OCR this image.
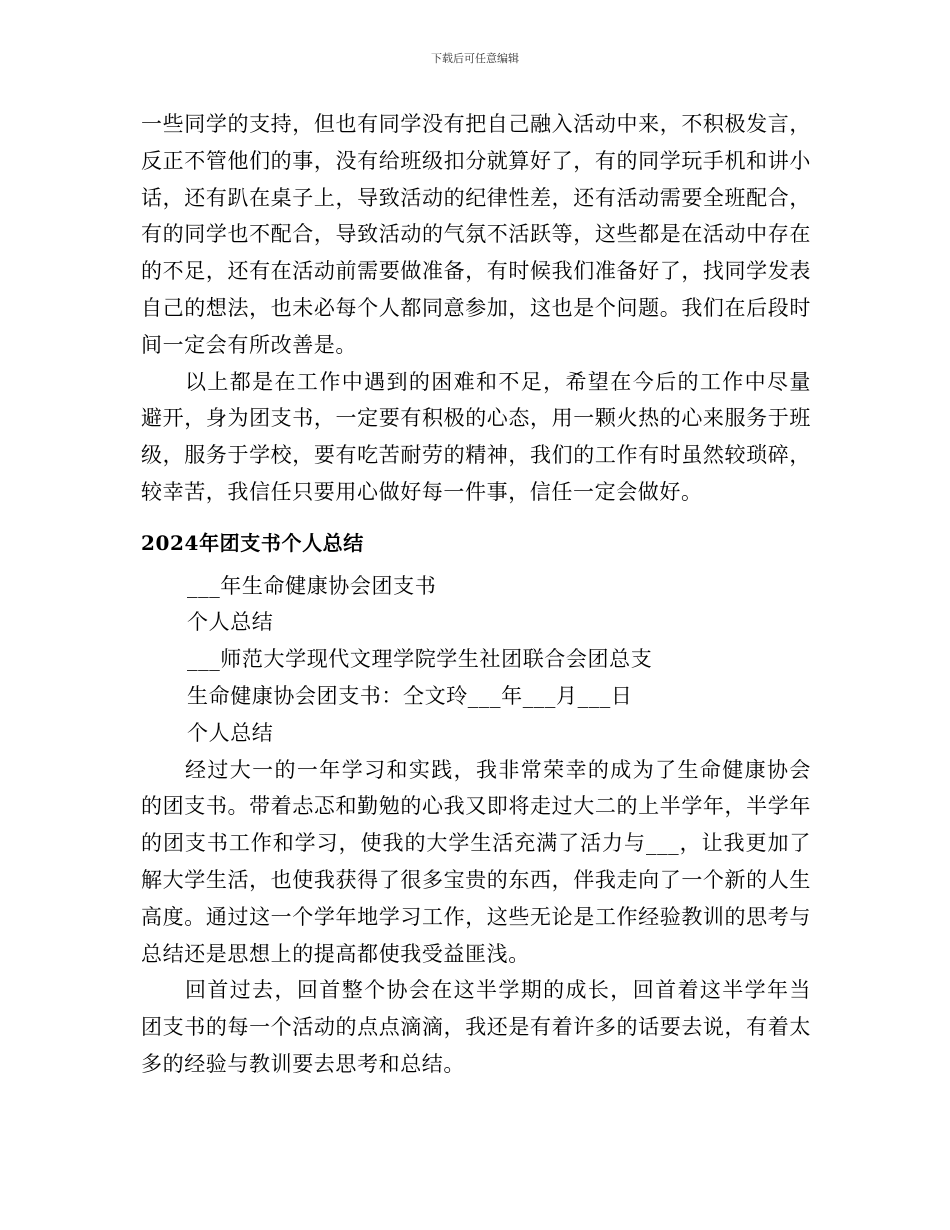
下载后可任意编辑

一些同学的支持，但也有同学没有把自己融入活动中来，不积极发言，反正不管他们的事，没有给班级扣分就算好了，有的同学玩手机和讲小话，还有趴在桌子上，导致活动的纪律性差，还有活动需要全班配合，有的同学也不配合，导致活动的气氛不活跃等，这些都是在活动中存在的不足，还有在活动前需要做准备，有时候我们准备好了，找同学发表自己的想法，也未必每个人都同意参加，这也是个问题。我们在后段时间一定会有所改善是。

以上都是在工作中遇到的困难和不足，希望在今后的工作中尽量避开，身为团支书，一定要有积极的心态，用一颗火热的心来服务于班级，服务于学校，要有吃苦耐劳的精神，我们的工作有时虽然较琐碎，较幸苦，我信任只要用心做好每一件事，信任一定会做好。

2024年团支书个人总结

___年生命健康协会团支书

个人总结

___师范大学现代文理学院学生社团联合会团总支

生命健康协会团支书：仝文玲___年___月___日

个人总结

经过大一的一年学习和实践，我非常荣幸的成为了生命健康协会的团支书。带着忐忑和勤勉的心我又即将走过大二的上半学年，半学年的团支书工作和学习，使我的大学生活充满了活力与___，让我更加了解大学生活，也使我获得了很多宝贵的东西，伴我走向了一个新的人生高度。通过这一个学年地学习工作，这些无论是工作经验教训的思考与总结还是思想上的提高都使我受益匪浅。

回首过去，回首整个协会在这半学期的成长，回首着这半学年当团支书的每一个活动的点点滴滴，我还是有着许多的话要去说，有着太多的经验与教训要去思考和总结。
